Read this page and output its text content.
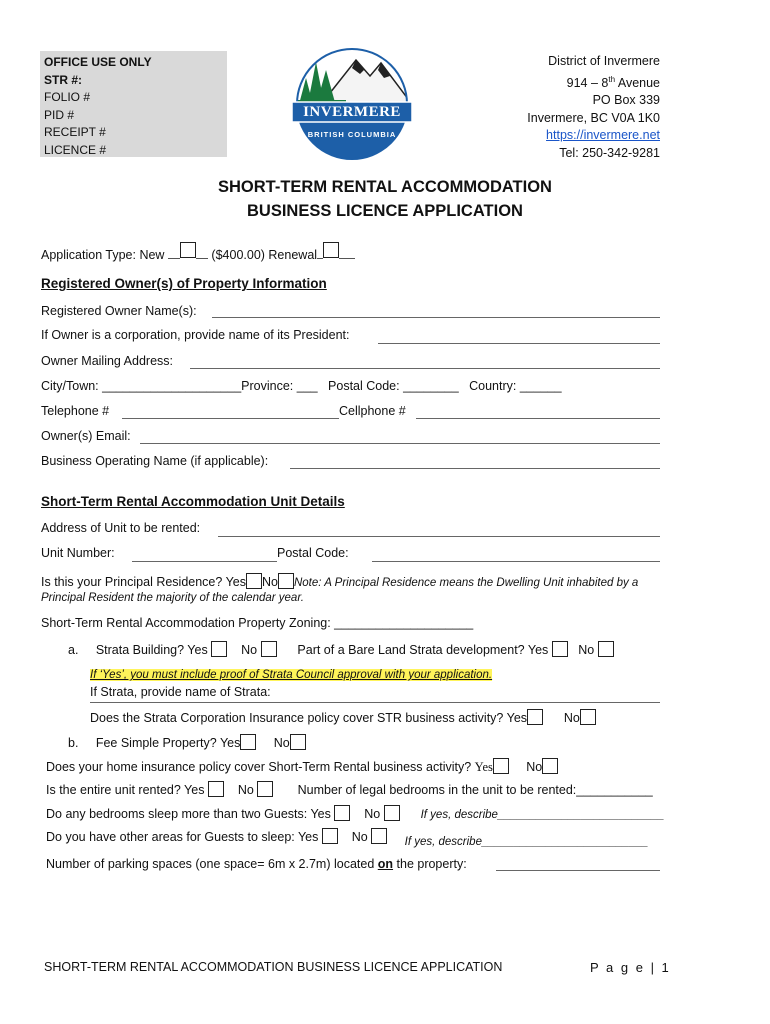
OFFICE USE ONLY
STR #:
FOLIO #
PID #
RECEIPT #
LICENCE #
INVERMERE
BRITISH COLUMBIA
District of Invermere
914 – 8th Avenue
PO Box 339
Invermere, BC V0A 1K0
https://invermere.net
Tel: 250-342-9281
SHORT-TERM RENTAL ACCOMMODATION
BUSINESS LICENCE APPLICATION
Application Type: New	($400.00) Renewal
Registered Owner(s) of Property Information
Registered Owner Name(s):
If Owner is a corporation, provide name of its President:
Owner Mailing Address:
City/Town: ____________________Province: ___ Postal Code: ________ Country: ______
Telephone #	Cellphone #
Owner(s) Email:
Business Operating Name (if applicable):
Short-Term Rental Accommodation Unit Details
Address of Unit to be rented:
Unit Number:	Postal Code:
Is this your Principal Residence? Yes No Note: A Principal Residence means the Dwelling Unit inhabited by a
Principal Resident the majority of the calendar year.
Short-Term Rental Accommodation Property Zoning: ____________________
a. Strata Building? Yes	No	Part of a Bare Land Strata development? Yes No
If ‘Yes’, you must include proof of Strata Council approval with your application.
If Strata, provide name of Strata:
Does the Strata Corporation Insurance policy cover STR business activity? Yes	No
b. Fee Simple Property? Yes	No
Does your home insurance policy cover Short-Term Rental business activity? Yes	No
Is the entire unit rented? Yes	No	Number of legal bedrooms in the unit to be rented:___________
Do any bedrooms sleep more than two Guests: Yes	No	If yes, describe__________________________
Do you have other areas for Guests to sleep: Yes	No	If yes, describe__________________________
Number of parking spaces (one space= 6m x 2.7m) located on the property:
SHORT-TERM RENTAL ACCOMMODATION BUSINESS LICENCE APPLICATION	P a g e | 1
